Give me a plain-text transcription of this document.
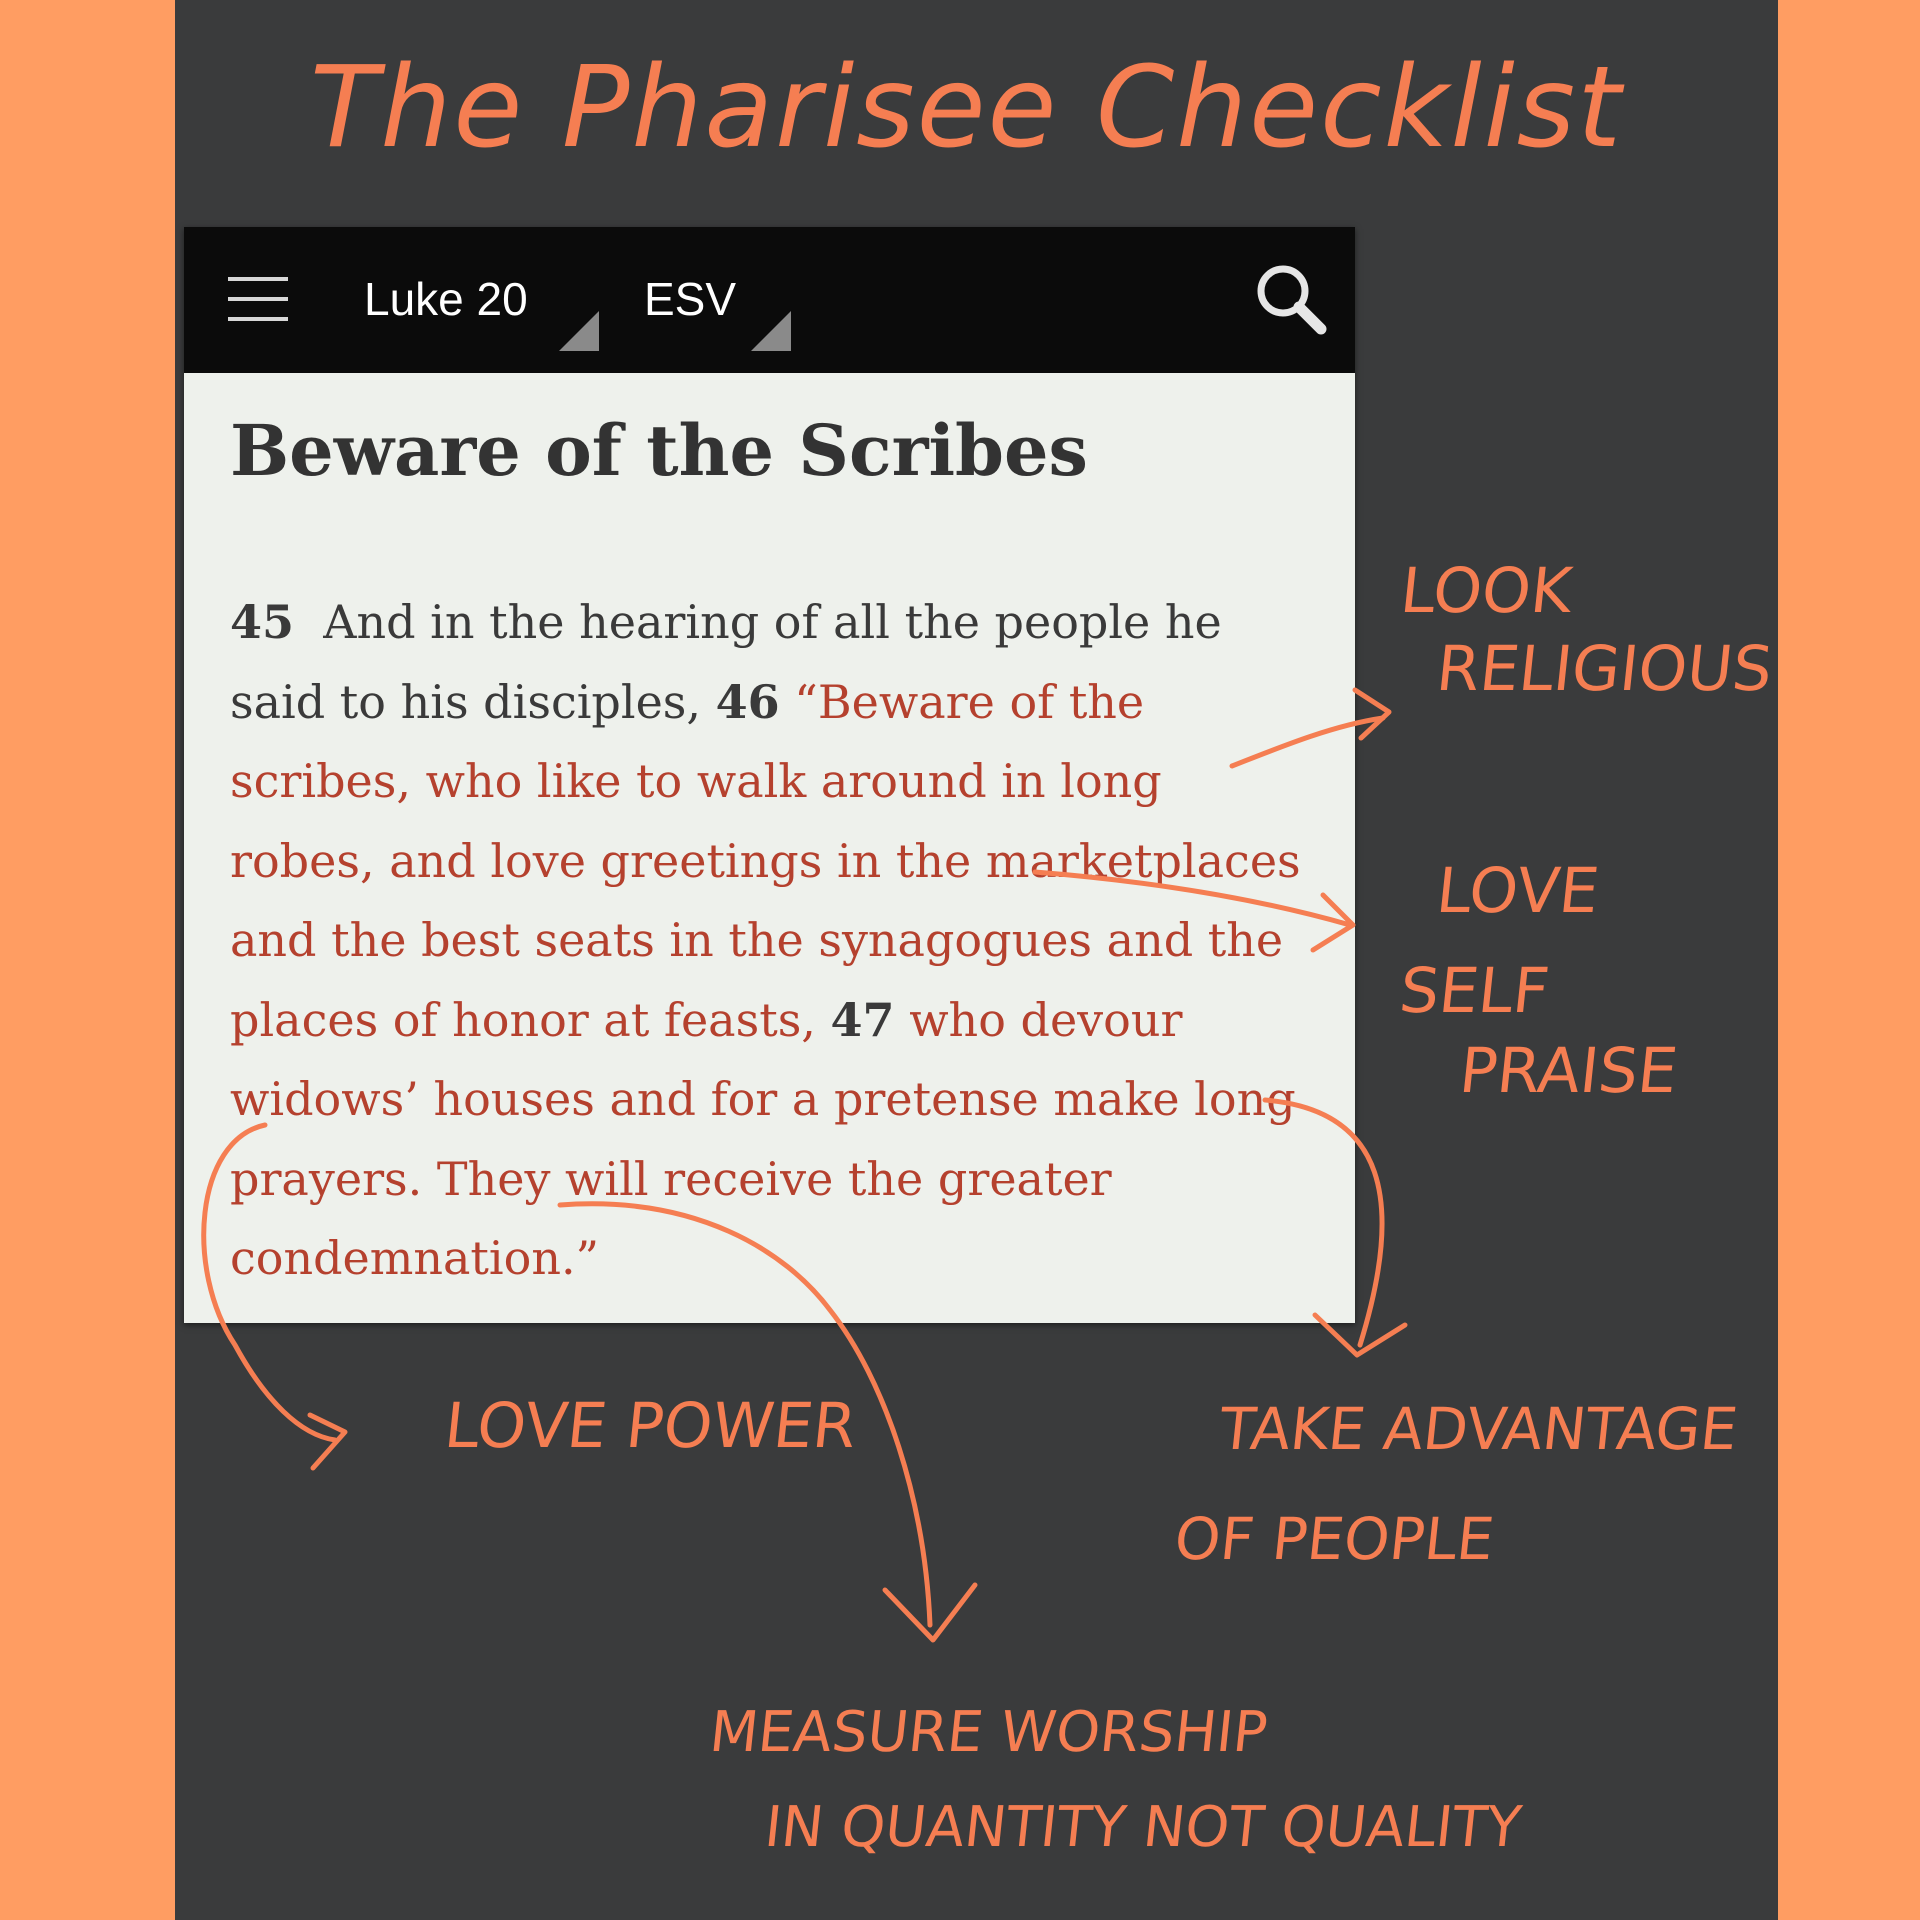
The Pharisee Checklist
Luke 20	ESV
Beware of the Scribes
45 And in the hearing of all the people he said to his disciples, 46 “Beware of the scribes, who like to walk around in long robes, and love greetings in the marketplaces and the best seats in the synagogues and the places of honor at feasts, 47 who devour widows’ houses and for a pretense make long prayers. They will receive the greater condemnation.”
LOOK
RELIGIOUS
LOVE
SELF
PRAISE
LOVE POWER	TAKE ADVANTAGE
OF PEOPLE
MEASURE WORSHIP
IN QUANTITY NOT QUALITY
